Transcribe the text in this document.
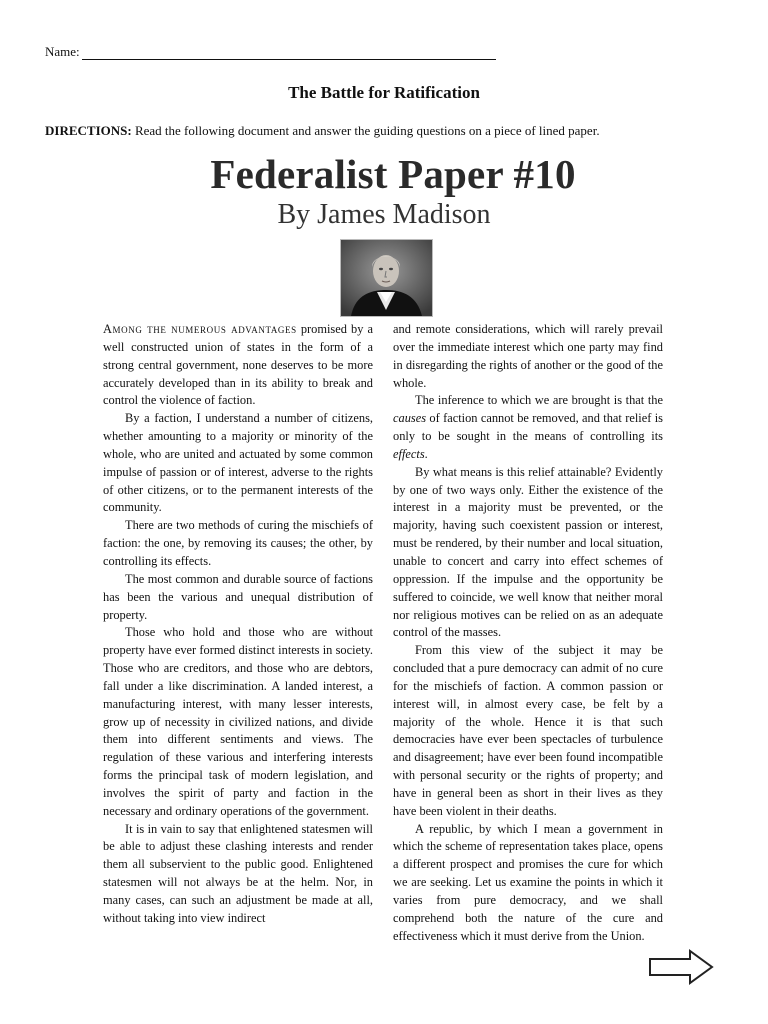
Name:
The Battle for Ratification
DIRECTIONS: Read the following document and answer the guiding questions on a piece of lined paper.
Federalist Paper #10
By James Madison

Among the numerous advantages promised by a well constructed union of states in the form of a strong central government, none deserves to be more accurately developed than in its ability to break and control the violence of faction.

By a faction, I understand a number of citizens, whether amounting to a majority or minority of the whole, who are united and actuated by some common impulse of passion or of interest, adverse to the rights of other citizens, or to the permanent interests of the community.

There are two methods of curing the mischiefs of faction: the one, by removing its causes; the other, by controlling its effects.

The most common and durable source of factions has been the various and unequal distribution of property.

Those who hold and those who are without property have ever formed distinct interests in society. Those who are creditors, and those who are debtors, fall under a like discrimination. A landed interest, a manufacturing interest, with many lesser interests, grow up of necessity in civilized nations, and divide them into different sentiments and views. The regulation of these various and interfering interests forms the principal task of modern legislation, and involves the spirit of party and faction in the necessary and ordinary operations of the government.

It is in vain to say that enlightened statesmen will be able to adjust these clashing interests and render them all subservient to the public good. Enlightened statesmen will not always be at the helm. Nor, in many cases, can such an adjustment be made at all, without taking into view indirect

and remote considerations, which will rarely prevail over the immediate interest which one party may find in disregarding the rights of another or the good of the whole.

The inference to which we are brought is that the causes of faction cannot be removed, and that relief is only to be sought in the means of controlling its effects.

By what means is this relief attainable? Evidently by one of two ways only. Either the existence of the interest in a majority must be prevented, or the majority, having such coexistent passion or interest, must be rendered, by their number and local situation, unable to concert and carry into effect schemes of oppression. If the impulse and the opportunity be suffered to coincide, we well know that neither moral nor religious motives can be relied on as an adequate control of the masses.

From this view of the subject it may be concluded that a pure democracy can admit of no cure for the mischiefs of faction. A common passion or interest will, in almost every case, be felt by a majority of the whole. Hence it is that such democracies have ever been spectacles of turbulence and disagreement; have ever been found incompatible with personal security or the rights of property; and have in general been as short in their lives as they have been violent in their deaths.

A republic, by which I mean a government in which the scheme of representation takes place, opens a different prospect and promises the cure for which we are seeking. Let us examine the points in which it varies from pure democracy, and we shall comprehend both the nature of the cure and effectiveness which it must derive from the Union.
